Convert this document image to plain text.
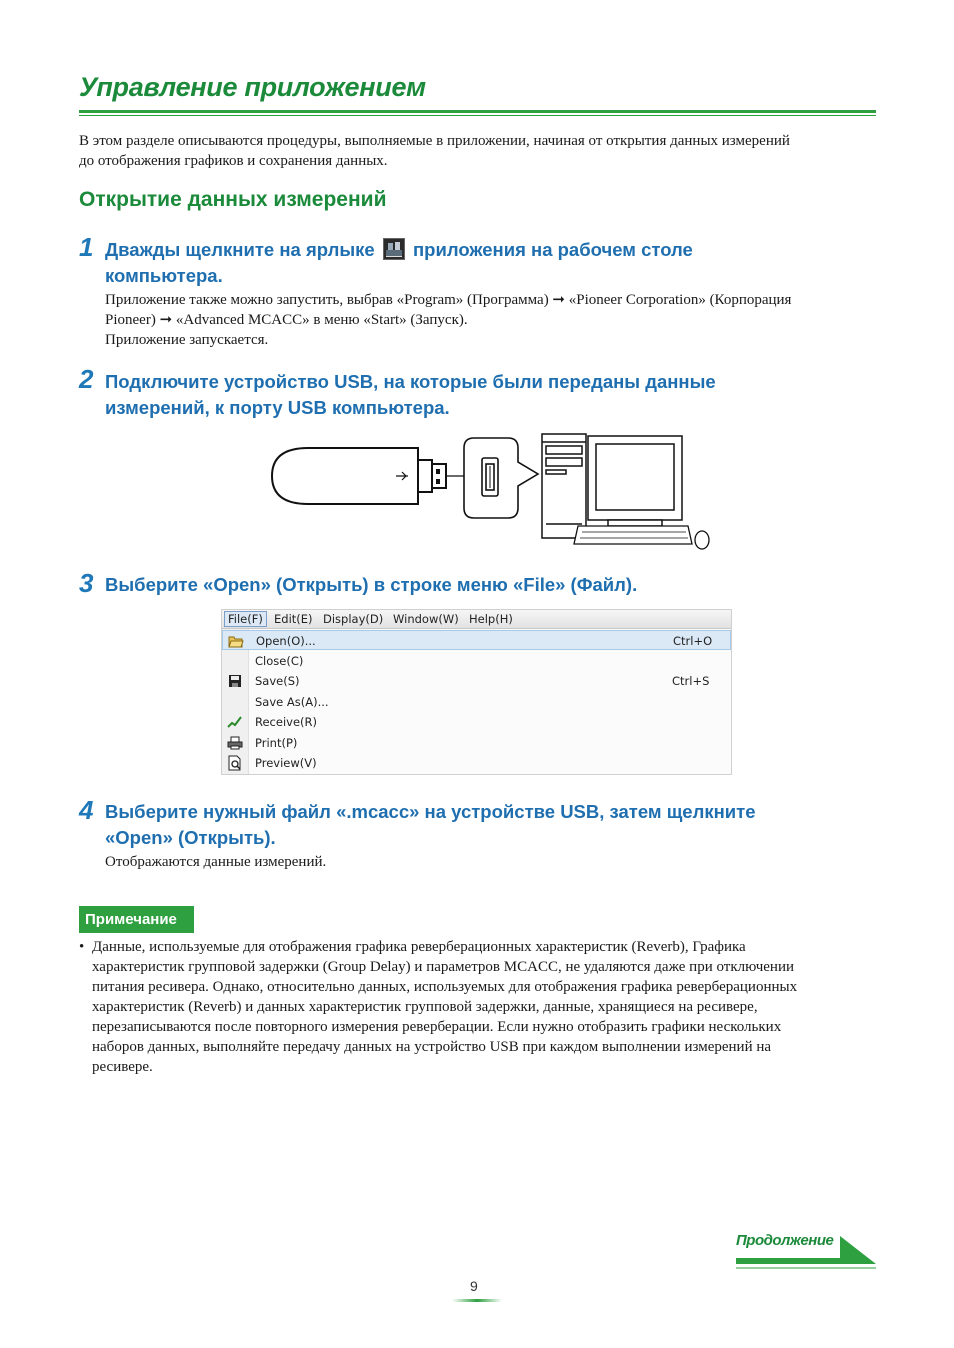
Управление приложением
В этом разделе описываются процедуры, выполняемые в приложении, начиная от открытия данных измерений
до отображения графиков и сохранения данных.
Открытие данных измерений
1 Дважды щелкните на ярлыке приложения на рабочем столе
компьютера.
Приложение также можно запустить, выбрав «Program» (Программа) ➞ «Pioneer Corporation» (Корпорация
Pioneer) ➞ «Advanced MCACC» в меню «Start» (Запуск).
Приложение запускается.
2 Подключите устройство USB, на которые были переданы данные
измерений, к порту USB компьютера.
3 Выберите «Open» (Открыть) в строке меню «File» (Файл).
File(F) Edit(E) Display(D) Window(W) Help(H)
Open(O)...	Ctrl+O
Close(C)
Save(S)	Ctrl+S
Save As(A)...
Receive(R)
Print(P)
Preview(V)
4 Выберите нужный файл «.mcacc» на устройстве USB, затем щелкните
«Open» (Открыть).
Отображаются данные измерений.
Примечание
• Данные, используемые для отображения графика реверберационных характеристик (Reverb), Графика
характеристик групповой задержки (Group Delay) и параметров MCACC, не удаляются даже при отключении
питания ресивера. Однако, относительно данных, используемых для отображения графика реверберационных
характеристик (Reverb) и данных характеристик групповой задержки, данные, хранящиеся на ресивере,
перезаписываются после повторного измерения реверберации. Если нужно отобразить графики нескольких
наборов данных, выполняйте передачу данных на устройство USB при каждом выполнении измерений на
ресивере.
Продолжение
9
